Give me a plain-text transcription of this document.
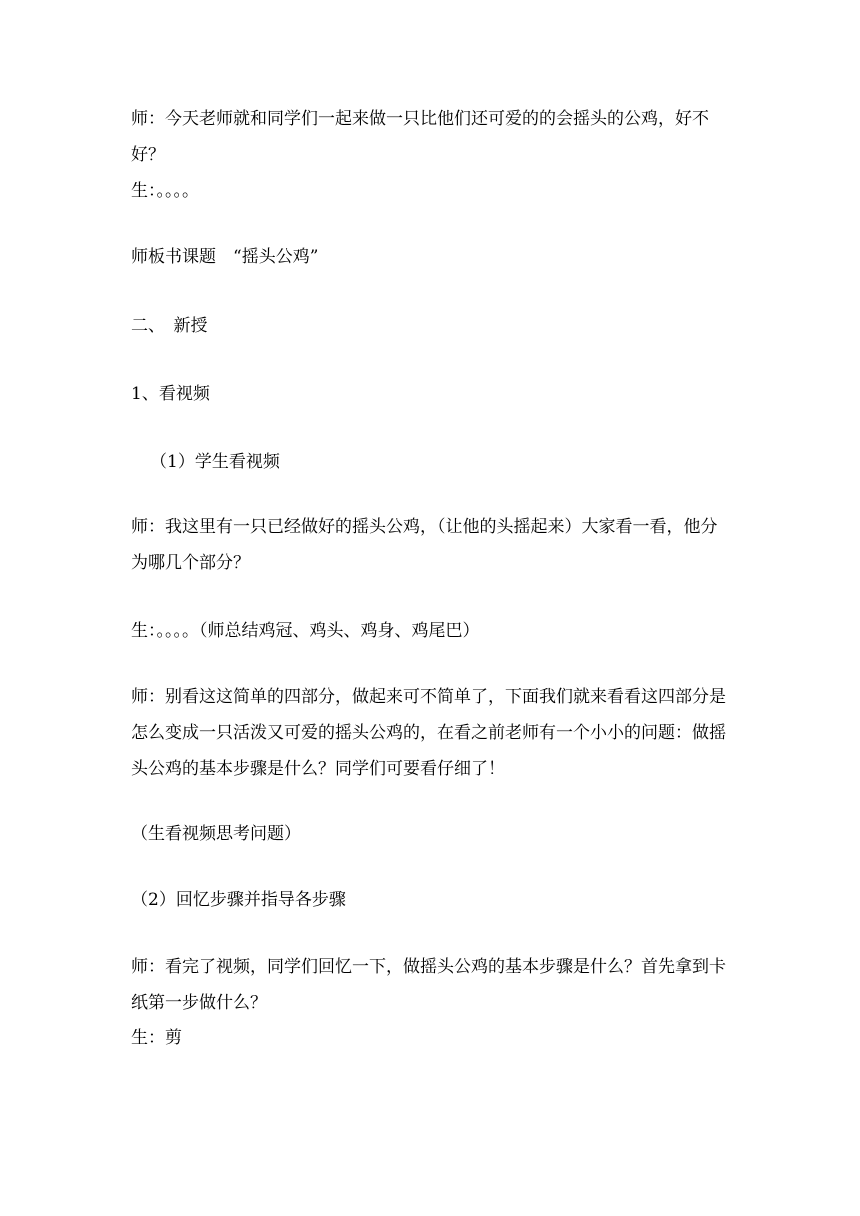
师：今天老师就和同学们一起来做一只比他们还可爱的的会摇头的公鸡，好不
好？
生：。。。。
师板书课题　“摇头公鸡”
二、　新授
1、看视频
（1）学生看视频
师：我这里有一只已经做好的摇头公鸡，（让他的头摇起来）大家看一看，他分
为哪几个部分？
生：。。。。（师总结鸡冠、鸡头、鸡身、鸡尾巴）
师：别看这这简单的四部分，做起来可不简单了，下面我们就来看看这四部分是
怎么变成一只活泼又可爱的摇头公鸡的，在看之前老师有一个小小的问题：做摇
头公鸡的基本步骤是什么？同学们可要看仔细了！
（生看视频思考问题）
（2）回忆步骤并指导各步骤
师：看完了视频，同学们回忆一下，做摇头公鸡的基本步骤是什么？首先拿到卡
纸第一步做什么？
生：剪
